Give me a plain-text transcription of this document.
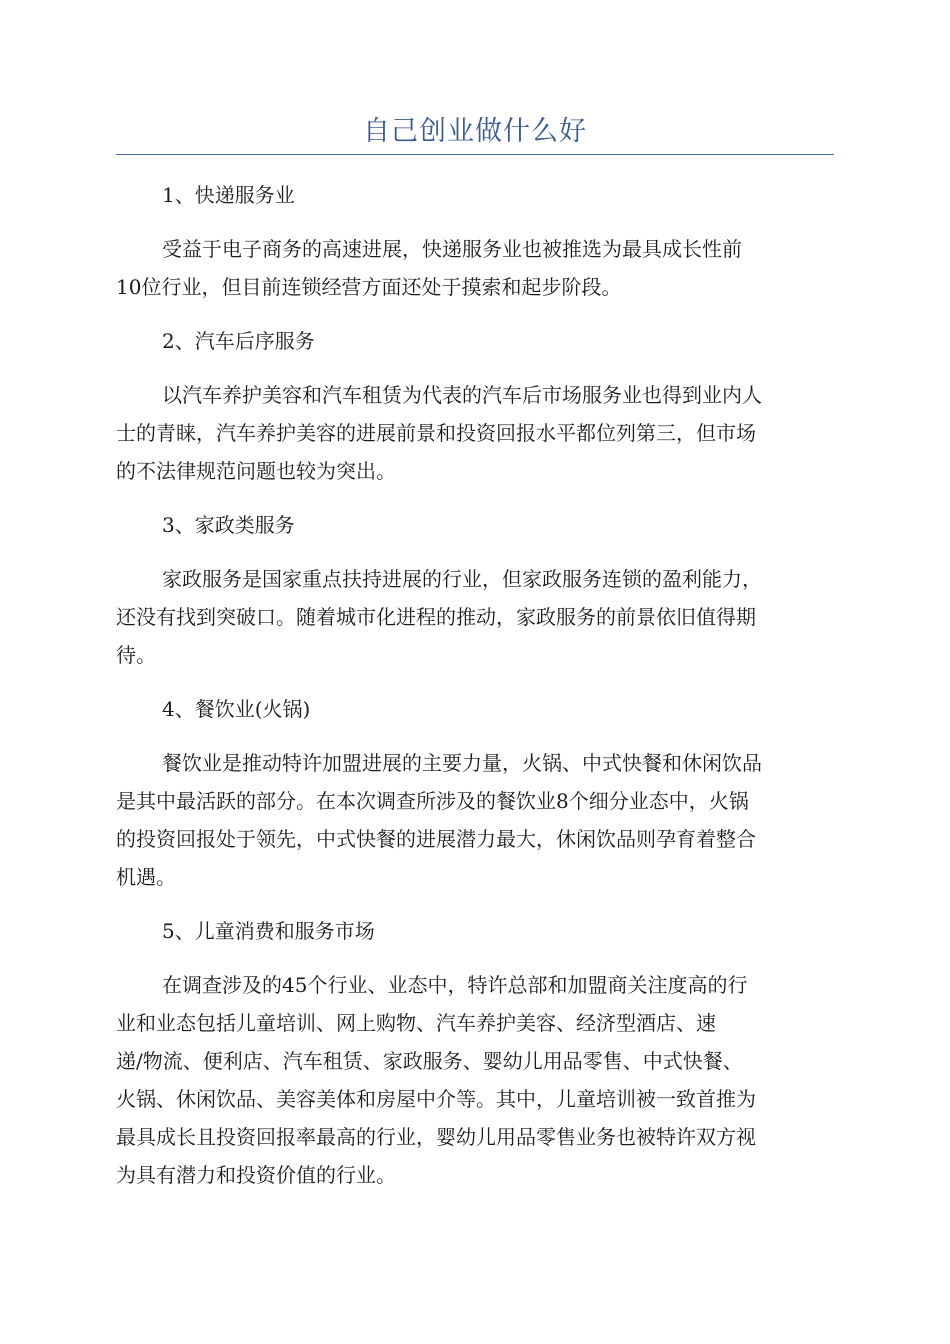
自己创业做什么好
1、快递服务业
受益于电子商务的高速进展，快递服务业也被推选为最具成长性前
10位行业，但目前连锁经营方面还处于摸索和起步阶段。
2、汽车后序服务
以汽车养护美容和汽车租赁为代表的汽车后市场服务业也得到业内人
士的青睐，汽车养护美容的进展前景和投资回报水平都位列第三，但市场
的不法律规范问题也较为突出。
3、家政类服务
家政服务是国家重点扶持进展的行业，但家政服务连锁的盈利能力，
还没有找到突破口。随着城市化进程的推动，家政服务的前景依旧值得期
待。
4、餐饮业(火锅)
餐饮业是推动特许加盟进展的主要力量，火锅、中式快餐和休闲饮品
是其中最活跃的部分。在本次调查所涉及的餐饮业8个细分业态中，火锅
的投资回报处于领先，中式快餐的进展潜力最大，休闲饮品则孕育着整合
机遇。
5、儿童消费和服务市场
在调查涉及的45个行业、业态中，特许总部和加盟商关注度高的行
业和业态包括儿童培训、网上购物、汽车养护美容、经济型酒店、速
递/物流、便利店、汽车租赁、家政服务、婴幼儿用品零售、中式快餐、
火锅、休闲饮品、美容美体和房屋中介等。其中，儿童培训被一致首推为
最具成长且投资回报率最高的行业，婴幼儿用品零售业务也被特许双方视
为具有潜力和投资价值的行业。
